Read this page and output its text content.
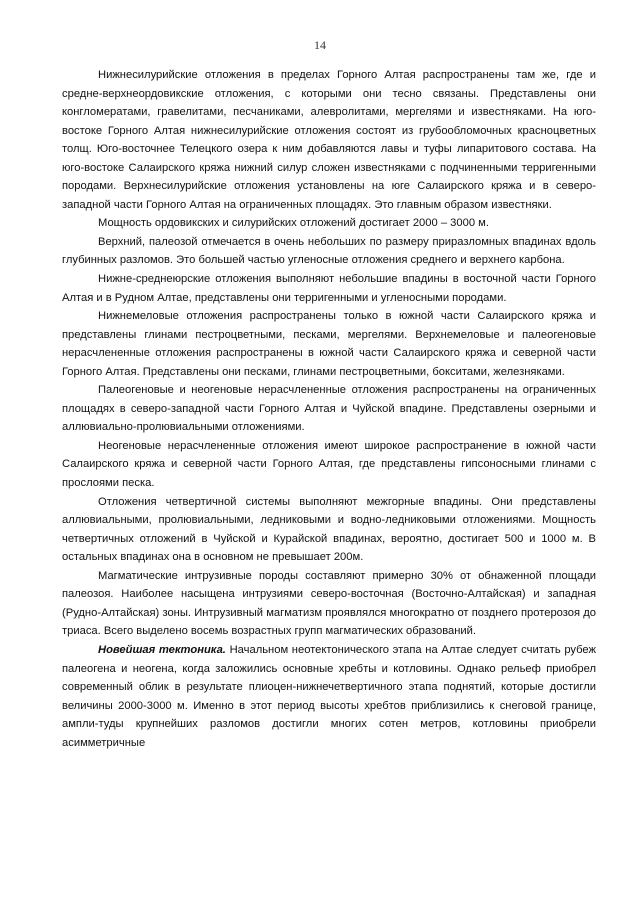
14

Нижнесилурийские отложения в пределах Горного Алтая распространены там же, где и средне-верхнеордовикские отложения, с которыми они тесно связаны. Представлены они конгломератами, гравелитами, песчаниками, алевролитами, мергелями и известняками. На юго-востоке Горного Алтая нижнесилурийские отложения состоят из грубообломочных красноцветных толщ. Юго-восточнее Телецкого озера к ним добавляются лавы и туфы липаритового состава. На юго-востоке Салаирского кряжа нижний силур сложен известняками с подчиненными терригенными породами. Верхнесилурийские отложения установлены на юге Салаирского кряжа и в северо-западной части Горного Алтая на ограниченных площадях. Это главным образом известняки.

Мощность ордовикских и силурийских отложений достигает 2000 – 3000 м.

Верхний, палеозой отмечается в очень небольших по размеру приразломных впадинах вдоль глубинных разломов. Это большей частью угленосные отложения среднего и верхнего карбона.

Нижне-среднеюрские отложения выполняют небольшие впадины в восточной части Горного Алтая и в Рудном Алтае, представлены они терригенными и угленосными породами.

Нижнемеловые отложения распространены только в южной части Салаирского кряжа и представлены глинами пестроцветными, песками, мергелями. Верхнемеловые и палеогеновые нерасчлененные отложения распространены в южной части Салаирского кряжа и северной части Горного Алтая. Представлены они песками, глинами пестроцветными, бокситами, железняками.

Палеогеновые и неогеновые нерасчлененные отложения распространены на ограниченных площадях в северо-западной части Горного Алтая и Чуйской впадине. Представлены озерными и аллювиально-пролювиальными отложениями.

Неогеновые нерасчлененные отложения имеют широкое распространение в южной части Салаирского кряжа и северной части Горного Алтая, где представлены гипсоносными глинами с прослоями песка.

Отложения четвертичной системы выполняют межгорные впадины. Они представлены аллювиальными, пролювиальными, ледниковыми и водно-ледниковыми отложениями. Мощность четвертичных отложений в Чуйской и Курайской впадинах, вероятно, достигает 500 и 1000 м. В остальных впадинах она в основном не превышает 200м.

Магматические интрузивные породы составляют примерно 30% от обнаженной площади палеозоя. Наиболее насыщена интрузиями северо-восточная (Восточно-Алтайская) и западная (Рудно-Алтайская) зоны. Интрузивный магматизм проявлялся многократно от позднего протерозоя до триаса. Всего выделено восемь возрастных групп магматических образований.

Новейшая тектоника. Начальном неотектонического этапа на Алтае следует считать рубеж палеогена и неогена, когда заложились основные хребты и котловины. Однако рельеф приобрел современный облик в результате плиоцен-нижнечетвертичного этапа поднятий, которые достигли величины 2000-3000 м. Именно в этот период высоты хребтов приблизились к снеговой границе, ампли-туды крупнейших разломов достигли многих сотен метров, котловины приобрели асимметричные
